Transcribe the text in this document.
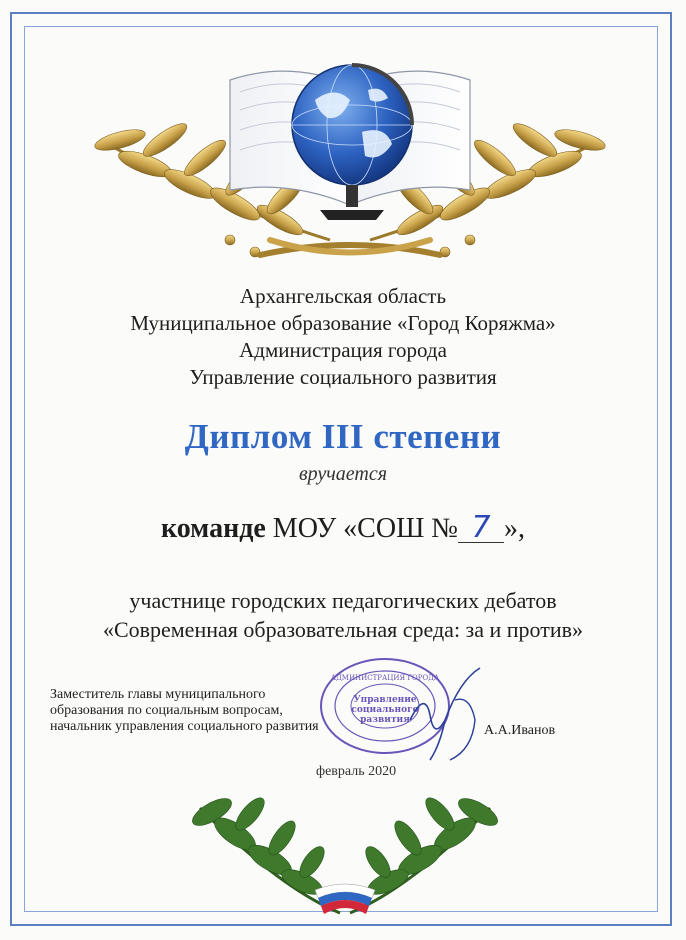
Архангельская область
Муниципальное образование «Город Коряжма»
Администрация города
Управление социального развития
Диплом III степени
вручается
команде МОУ «СОШ № 7 »,
участнице городских педагогических дебатов
«Современная образовательная среда: за и против»
Заместитель главы муниципального
образования по социальным вопросам,
начальник управления социального развития
февраль 2020
Управление
социального
развития
АДМИНИСТРАЦИЯ ГОРОДА
А.А.Иванов
